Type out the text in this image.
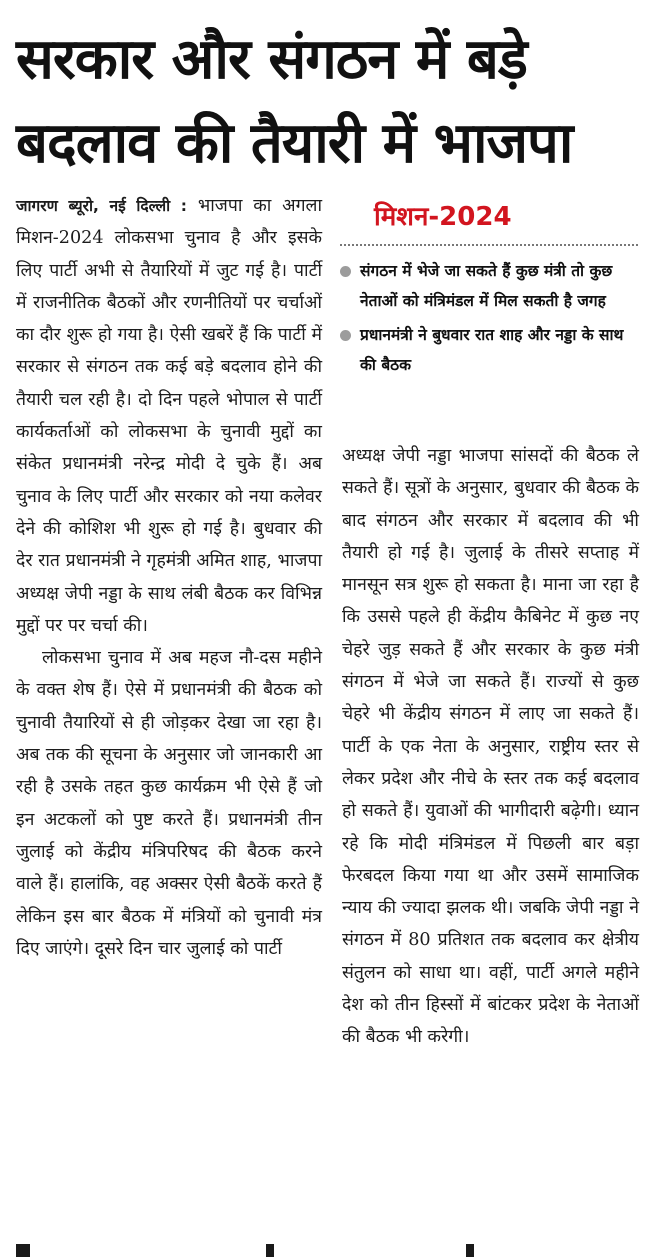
सरकार और संगठन में बड़े
बदलाव की तैयारी में भाजपा

जागरण ब्यूरो, नई दिल्ली : भाजपा का अगला मिशन-2024 लोकसभा चुनाव है और इसके लिए पार्टी अभी से तैयारियों में जुट गई है। पार्टी में राजनीतिक बैठकों और रणनीतियों पर चर्चाओं का दौर शुरू हो गया है। ऐसी खबरें हैं कि पार्टी में सरकार से संगठन तक कई बड़े बदलाव होने की तैयारी चल रही है। दो दिन पहले भोपाल से पार्टी कार्यकर्ताओं को लोकसभा के चुनावी मुद्दों का संकेत प्रधानमंत्री नरेन्द्र मोदी दे चुके हैं। अब चुनाव के लिए पार्टी और सरकार को नया कलेवर देने की कोशिश भी शुरू हो गई है। बुधवार की देर रात प्रधानमंत्री ने गृहमंत्री अमित शाह, भाजपा अध्यक्ष जेपी नड्डा के साथ लंबी बैठक कर विभिन्न मुद्दों पर पर चर्चा की।

लोकसभा चुनाव में अब महज नौ-दस महीने के वक्त शेष हैं। ऐसे में प्रधानमंत्री की बैठक को चुनावी तैयारियों से ही जोड़कर देखा जा रहा है। अब तक की सूचना के अनुसार जो जानकारी आ रही है उसके तहत कुछ कार्यक्रम भी ऐसे हैं जो इन अटकलों को पुष्ट करते हैं। प्रधानमंत्री तीन जुलाई को केंद्रीय मंत्रिपरिषद की बैठक करने वाले हैं। हालांकि, वह अक्सर ऐसी बैठकें करते हैं लेकिन इस बार बैठक में मंत्रियों को चुनावी मंत्र दिए जाएंगे। दूसरे दिन चार जुलाई को पार्टी

मिशन-2024
संगठन में भेजे जा सकते हैं कुछ मंत्री तो कुछ नेताओं को मंत्रिमंडल में मिल सकती है जगह
प्रधानमंत्री ने बुधवार रात शाह और नड्डा के साथ की बैठक

अध्यक्ष जेपी नड्डा भाजपा सांसदों की बैठक ले सकते हैं। सूत्रों के अनुसार, बुधवार की बैठक के बाद संगठन और सरकार में बदलाव की भी तैयारी हो गई है। जुलाई के तीसरे सप्ताह में मानसून सत्र शुरू हो सकता है। माना जा रहा है कि उससे पहले ही केंद्रीय कैबिनेट में कुछ नए चेहरे जुड़ सकते हैं और सरकार के कुछ मंत्री संगठन में भेजे जा सकते हैं। राज्यों से कुछ चेहरे भी केंद्रीय संगठन में लाए जा सकते हैं। पार्टी के एक नेता के अनुसार, राष्ट्रीय स्तर से लेकर प्रदेश और नीचे के स्तर तक कई बदलाव हो सकते हैं। युवाओं की भागीदारी बढ़ेगी। ध्यान रहे कि मोदी मंत्रिमंडल में पिछली बार बड़ा फेरबदल किया गया था और उसमें सामाजिक न्याय की ज्यादा झलक थी। जबकि जेपी नड्डा ने संगठन में 80 प्रतिशत तक बदलाव कर क्षेत्रीय संतुलन को साधा था। वहीं, पार्टी अगले महीने देश को तीन हिस्सों में बांटकर प्रदेश के नेताओं की बैठक भी करेगी।
